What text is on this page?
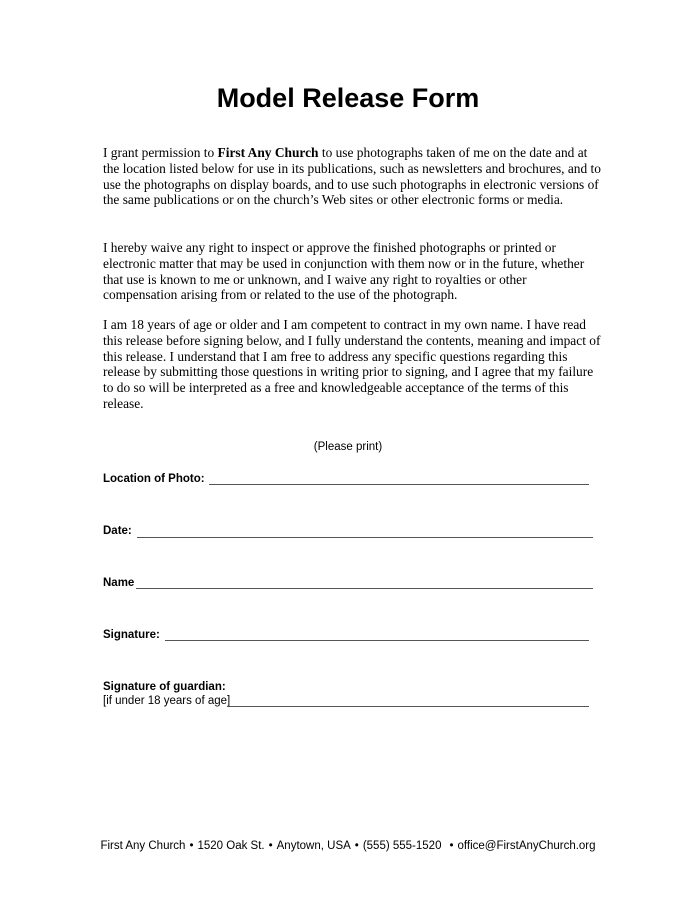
Model Release Form

I grant permission to First Any Church to use photographs taken of me on the date and at the location listed below for use in its publications, such as newsletters and brochures, and to use the photographs on display boards, and to use such photographs in electronic versions of the same publications or on the church’s Web sites or other electronic forms or media.

I hereby waive any right to inspect or approve the finished photographs or printed or electronic matter that may be used in conjunction with them now or in the future, whether that use is known to me or unknown, and I waive any right to royalties or other compensation arising from or related to the use of the photograph.

I am 18 years of age or older and I am competent to contract in my own name. I have read this release before signing below, and I fully understand the contents, meaning and impact of this release. I understand that I am free to address any specific questions regarding this release by submitting those questions in writing prior to signing, and I agree that my failure to do so will be interpreted as a free and knowledgeable acceptance of the terms of this release.

(Please print)
Location of Photo:
Date:
Name
Signature:
Signature of guardian:
[if under 18 years of age]
First Any Church • 1520 Oak St. • Anytown, USA • (555) 555-1520 • office@FirstAnyChurch.org
